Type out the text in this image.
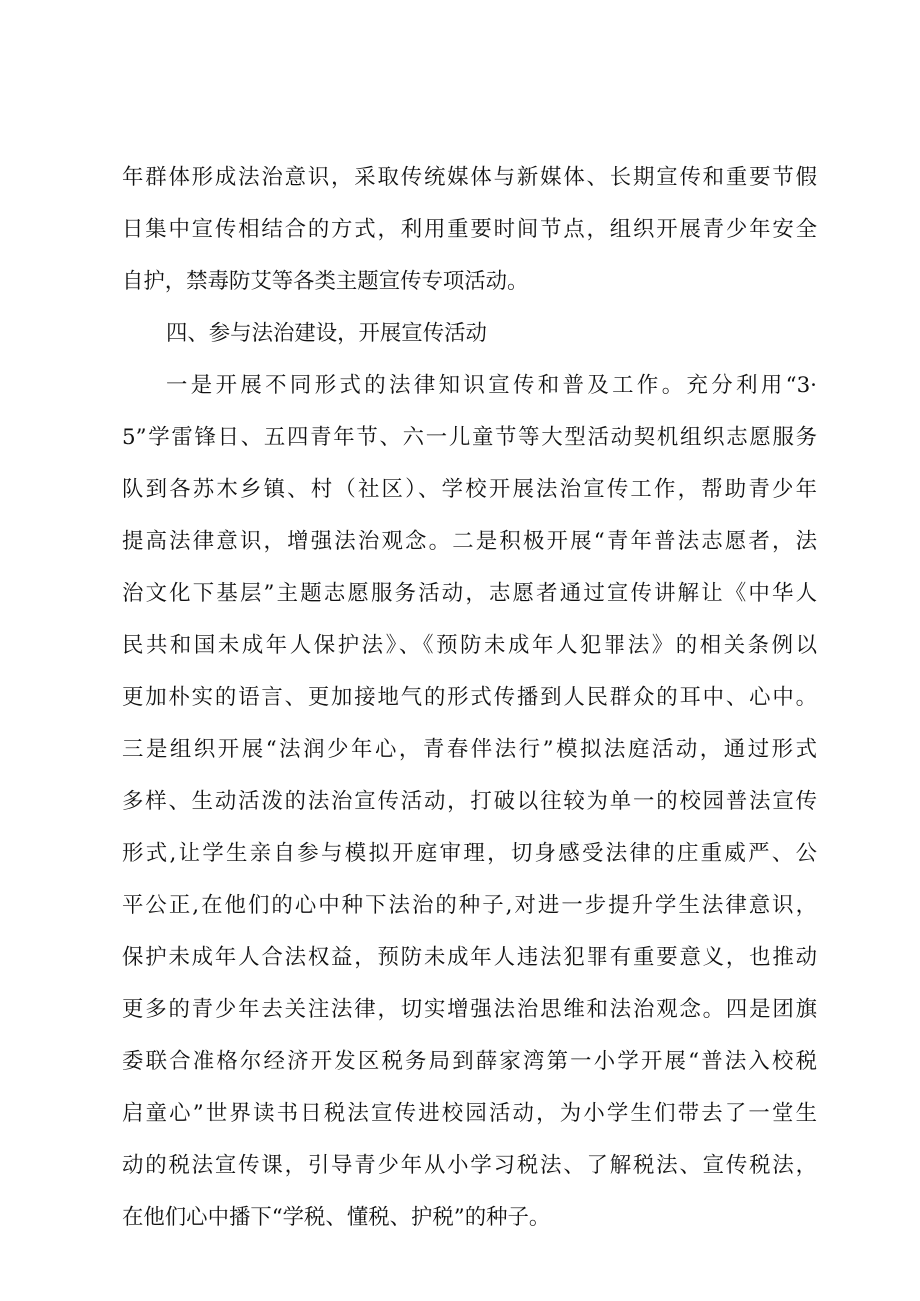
年群体形成法治意识，采取传统媒体与新媒体、长期宣传和重要节假
日集中宣传相结合的方式，利用重要时间节点，组织开展青少年安全
自护，禁毒防艾等各类主题宣传专项活动。
四、参与法治建设，开展宣传活动
一是开展不同形式的法律知识宣传和普及工作。充分利用“3·
5”学雷锋日、五四青年节、六一儿童节等大型活动契机组织志愿服务
队到各苏木乡镇、村（社区）、学校开展法治宣传工作，帮助青少年
提高法律意识，增强法治观念。二是积极开展“青年普法志愿者，法
治文化下基层”主题志愿服务活动，志愿者通过宣传讲解让《中华人
民共和国未成年人保护法》、《预防未成年人犯罪法》的相关条例以
更加朴实的语言、更加接地气的形式传播到人民群众的耳中、心中。
三是组织开展“法润少年心，青春伴法行”模拟法庭活动，通过形式
多样、生动活泼的法治宣传活动，打破以往较为单一的校园普法宣传
形式,让学生亲自参与模拟开庭审理，切身感受法律的庄重威严、公
平公正,在他们的心中种下法治的种子,对进一步提升学生法律意识，
保护未成年人合法权益，预防未成年人违法犯罪有重要意义，也推动
更多的青少年去关注法律，切实增强法治思维和法治观念。四是团旗
委联合准格尔经济开发区税务局到薛家湾第一小学开展“普法入校税
启童心”世界读书日税法宣传进校园活动，为小学生们带去了一堂生
动的税法宣传课，引导青少年从小学习税法、了解税法、宣传税法，
在他们心中播下“学税、懂税、护税”的种子。
